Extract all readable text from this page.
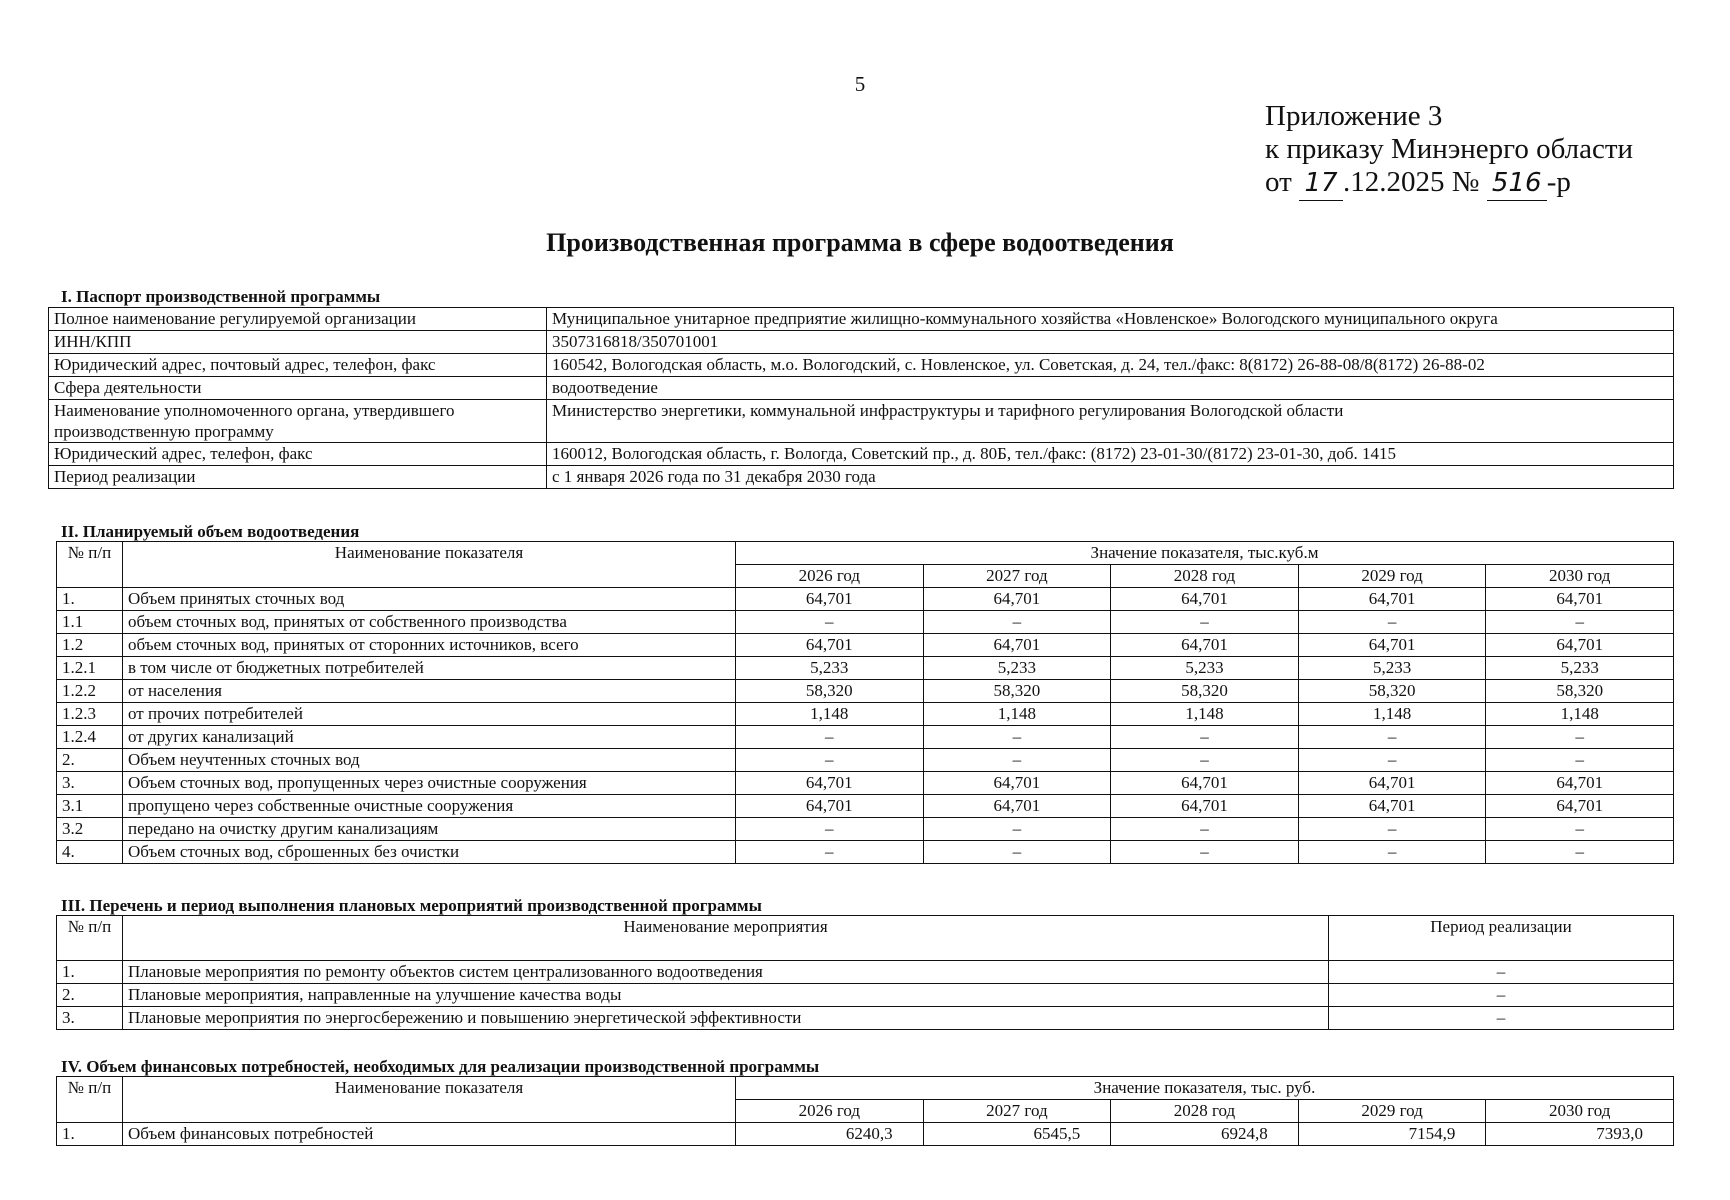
5
Приложение 3
к приказу Минэнерго области
от 17 .12.2025 № 516 -р
Производственная программа в сфере водоотведения
I. Паспорт производственной программы
Полное наименование регулируемой организации	Муниципальное унитарное предприятие жилищно-коммунального хозяйства «Новленское» Вологодского муниципального округа
ИНН/КПП	3507316818/350701001
Юридический адрес, почтовый адрес, телефон, факс	160542, Вологодская область, м.о. Вологодский, с. Новленское, ул. Советская, д. 24, тел./факс: 8(8172) 26-88-08/8(8172) 26-88-02
Сфера деятельности	водоотведение
Наименование уполномоченного органа, утвердившего производственную программу	Министерство энергетики, коммунальной инфраструктуры и тарифного регулирования Вологодской области
Юридический адрес, телефон, факс	160012, Вологодская область, г. Вологда, Советский пр., д. 80Б, тел./факс: (8172) 23-01-30/(8172) 23-01-30, доб. 1415
Период реализации	с 1 января 2026 года по 31 декабря 2030 года
II. Планируемый объем водоотведения
№ п/п	Наименование показателя	Значение показателя, тыс.куб.м				
		2026 год	2027 год	2028 год	2029 год	2030 год
1.	Объем принятых сточных вод	64,701	64,701	64,701	64,701	64,701
1.1	объем сточных вод, принятых от собственного производства	–	–	–	–	–
1.2	объем сточных вод, принятых от сторонних источников, всего	64,701	64,701	64,701	64,701	64,701
1.2.1	в том числе от бюджетных потребителей	5,233	5,233	5,233	5,233	5,233
1.2.2	от населения	58,320	58,320	58,320	58,320	58,320
1.2.3	от прочих потребителей	1,148	1,148	1,148	1,148	1,148
1.2.4	от других канализаций	–	–	–	–	–
2.	Объем неучтенных сточных вод	–	–	–	–	–
3.	Объем сточных вод, пропущенных через очистные сооружения	64,701	64,701	64,701	64,701	64,701
3.1	пропущено через собственные очистные сооружения	64,701	64,701	64,701	64,701	64,701
3.2	передано на очистку другим канализациям	–	–	–	–	–
4.	Объем сточных вод, сброшенных без очистки	–	–	–	–	–
III. Перечень и период выполнения плановых мероприятий производственной программы
№ п/п	Наименование мероприятия	Период реализации
1.	Плановые мероприятия по ремонту объектов систем централизованного водоотведения	–
2.	Плановые мероприятия, направленные на улучшение качества воды	–
3.	Плановые мероприятия по энергосбережению и повышению энергетической эффективности	–
IV. Объем финансовых потребностей, необходимых для реализации производственной программы
№ п/п	Наименование показателя	Значение показателя, тыс. руб.				
		2026 год	2027 год	2028 год	2029 год	2030 год
1.	Объем финансовых потребностей	6240,3	6545,5	6924,8	7154,9	7393,0
